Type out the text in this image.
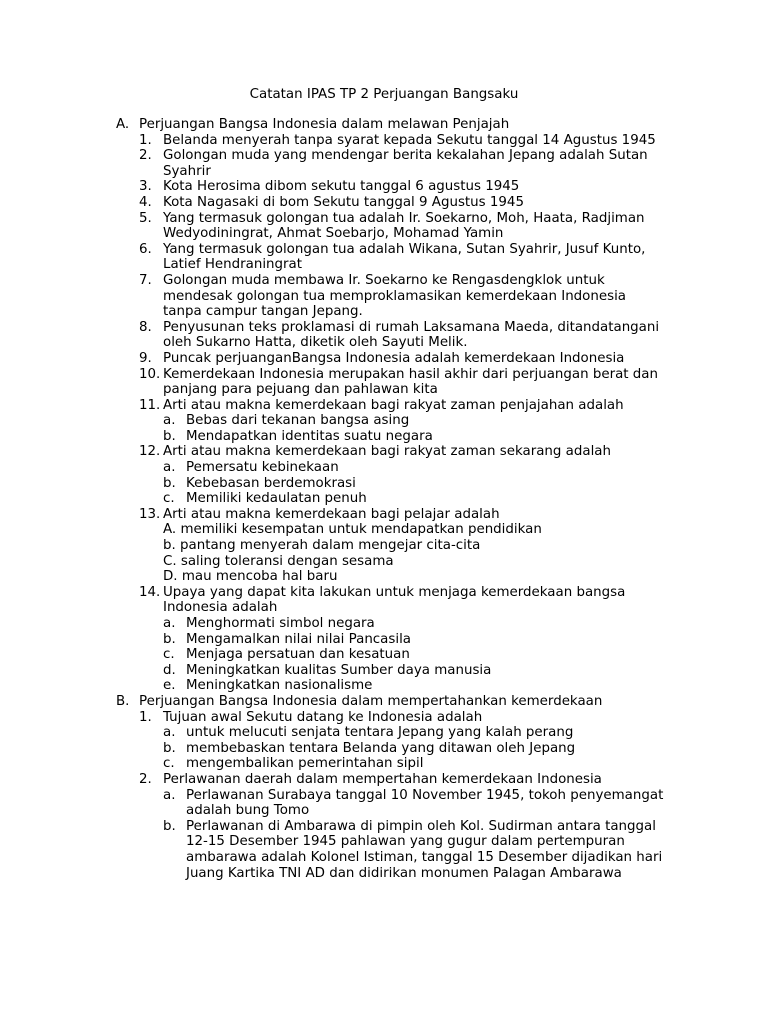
Catatan IPAS TP 2 Perjuangan Bangsaku
A. Perjuangan Bangsa Indonesia dalam melawan Penjajah
1. Belanda menyerah tanpa syarat kepada Sekutu tanggal 14 Agustus 1945
2. Golongan muda yang mendengar berita kekalahan Jepang adalah Sutan Syahrir
3. Kota Herosima dibom sekutu tanggal 6 agustus 1945
4. Kota Nagasaki di bom Sekutu tanggal 9 Agustus 1945
5. Yang termasuk golongan tua adalah Ir. Soekarno, Moh, Haata, Radjiman Wedyodiningrat, Ahmat Soebarjo, Mohamad Yamin
6. Yang termasuk golongan tua adalah Wikana, Sutan Syahrir, Jusuf Kunto, Latief Hendraningrat
7. Golongan muda membawa Ir. Soekarno ke Rengasdengklok untuk mendesak golongan tua memproklamasikan kemerdekaan Indonesia tanpa campur tangan Jepang.
8. Penyusunan teks proklamasi di rumah Laksamana Maeda, ditandatangani oleh Sukarno Hatta, diketik oleh Sayuti Melik.
9. Puncak perjuanganBangsa Indonesia adalah kemerdekaan Indonesia
10. Kemerdekaan Indonesia merupakan hasil akhir dari perjuangan berat dan panjang para pejuang dan pahlawan kita
11. Arti atau makna kemerdekaan bagi rakyat zaman penjajahan adalah
a. Bebas dari tekanan bangsa asing
b. Mendapatkan identitas suatu negara
12. Arti atau makna kemerdekaan bagi rakyat zaman sekarang adalah
a. Pemersatu kebinekaan
b. Kebebasan berdemokrasi
c. Memiliki kedaulatan penuh
13. Arti atau makna kemerdekaan bagi pelajar adalah
A. memiliki kesempatan untuk mendapatkan pendidikan
b. pantang menyerah dalam mengejar cita-cita
C. saling toleransi dengan sesama
D. mau mencoba hal baru
14. Upaya yang dapat kita lakukan untuk menjaga kemerdekaan bangsa Indonesia adalah
a. Menghormati simbol negara
b. Mengamalkan nilai nilai Pancasila
c. Menjaga persatuan dan kesatuan
d. Meningkatkan kualitas Sumber daya manusia
e. Meningkatkan nasionalisme
B. Perjuangan Bangsa Indonesia dalam mempertahankan kemerdekaan
1. Tujuan awal Sekutu datang ke Indonesia adalah
a. untuk melucuti senjata tentara Jepang yang kalah perang
b. membebaskan tentara Belanda yang ditawan oleh Jepang
c. mengembalikan pemerintahan sipil
2. Perlawanan daerah dalam mempertahan kemerdekaan Indonesia
a. Perlawanan Surabaya tanggal 10 November 1945, tokoh penyemangat adalah bung Tomo
b. Perlawanan di Ambarawa di pimpin oleh Kol. Sudirman antara tanggal 12-15 Desember 1945 pahlawan yang gugur dalam pertempuran ambarawa adalah Kolonel Istiman, tanggal 15 Desember dijadikan hari Juang Kartika TNI AD dan didirikan monumen Palagan Ambarawa
